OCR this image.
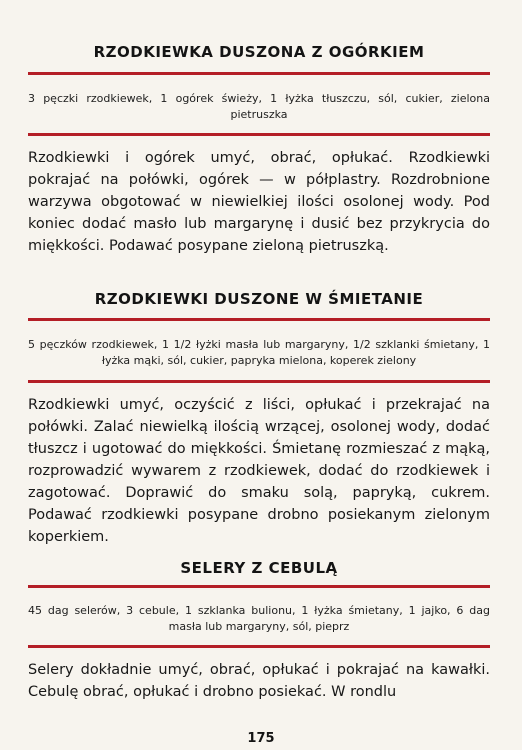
RZODKIEWKA DUSZONA Z OGÓRKIEM
3 pęczki rzodkiewek, 1 ogórek świeży, 1 łyżka tłuszczu, sól, cukier, zielona pietruszka
Rzodkiewki i ogórek umyć, obrać, opłukać. Rzodkiewki pokrajać na połówki, ogórek — w półplastry. Rozdrobnione warzywa obgotować w niewielkiej ilości osolonej wody. Pod koniec dodać masło lub margarynę i dusić bez przykrycia do miękkości. Podawać posypane zieloną pietruszką.
RZODKIEWKI DUSZONE W ŚMIETANIE
5 pęczków rzodkiewek, 1 1/2 łyżki masła lub margaryny, 1/2 szklanki śmietany, 1 łyżka mąki, sól, cukier, papryka mielona, koperek zielony
Rzodkiewki umyć, oczyścić z liści, opłukać i przekrajać na połówki. Zalać niewielką ilością wrzącej, osolonej wody, dodać tłuszcz i ugotować do miękkości. Śmietanę rozmieszać z mąką, rozprowadzić wywarem z rzodkiewek, dodać do rzodkiewek i zagotować. Doprawić do smaku solą, papryką, cukrem. Podawać rzodkiewki posypane drobno posiekanym zielonym koperkiem.
SELERY Z CEBULĄ
45 dag selerów, 3 cebule, 1 szklanka bulionu, 1 łyżka śmietany, 1 jajko, 6 dag masła lub margaryny, sól, pieprz
Selery dokładnie umyć, obrać, opłukać i pokrajać na kawałki. Cebulę obrać, opłukać i drobno posiekać. W rondlu
175
